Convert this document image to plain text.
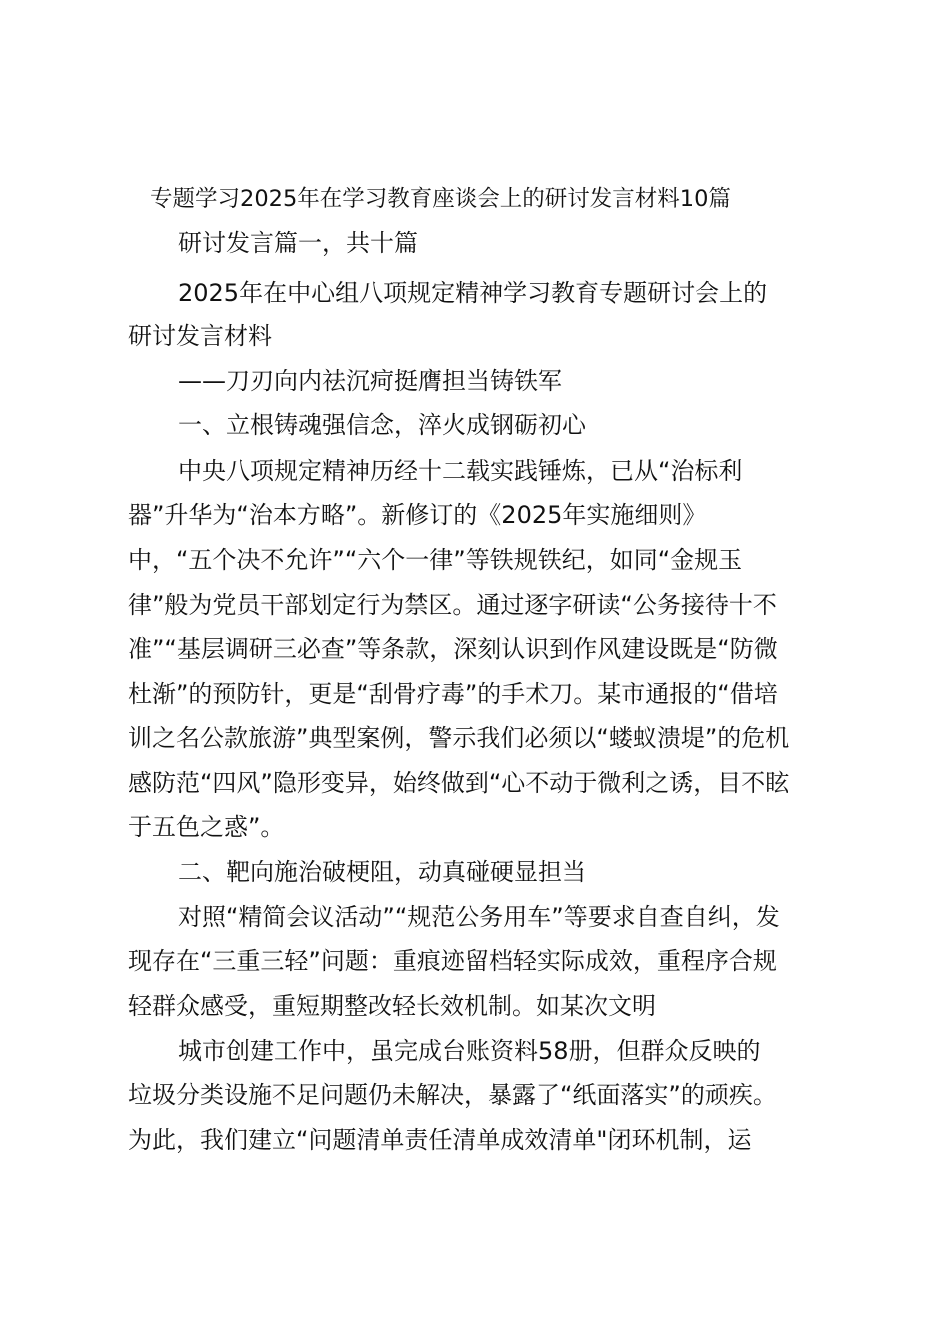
专题学习2025年在学习教育座谈会上的研讨发言材料10篇
研讨发言篇一，共十篇
2025年在中心组八项规定精神学习教育专题研讨会上的
研讨发言材料
——刀刃向内祛沉疴挺膺担当铸铁军
一、立根铸魂强信念，淬火成钢砺初心
中央八项规定精神历经十二载实践锤炼，已从“治标利
器”升华为“治本方略”。新修订的《2025年实施细则》
中，“五个决不允许”“六个一律”等铁规铁纪，如同“金规玉
律”般为党员干部划定行为禁区。通过逐字研读“公务接待十不
准”“基层调研三必查”等条款，深刻认识到作风建设既是“防微
杜渐”的预防针，更是“刮骨疗毒”的手术刀。某市通报的“借培
训之名公款旅游”典型案例，警示我们必须以“蝼蚁溃堤”的危机
感防范“四风”隐形变异，始终做到“心不动于微利之诱，目不眩
于五色之惑”。
二、靶向施治破梗阻，动真碰硬显担当
对照“精简会议活动”“规范公务用车”等要求自查自纠，发
现存在“三重三轻”问题：重痕迹留档轻实际成效，重程序合规
轻群众感受，重短期整改轻长效机制。如某次文明
城市创建工作中，虽完成台账资料58册，但群众反映的
垃圾分类设施不足问题仍未解决，暴露了“纸面落实”的顽疾。
为此，我们建立“问题清单责任清单成效清单"闭环机制，运
